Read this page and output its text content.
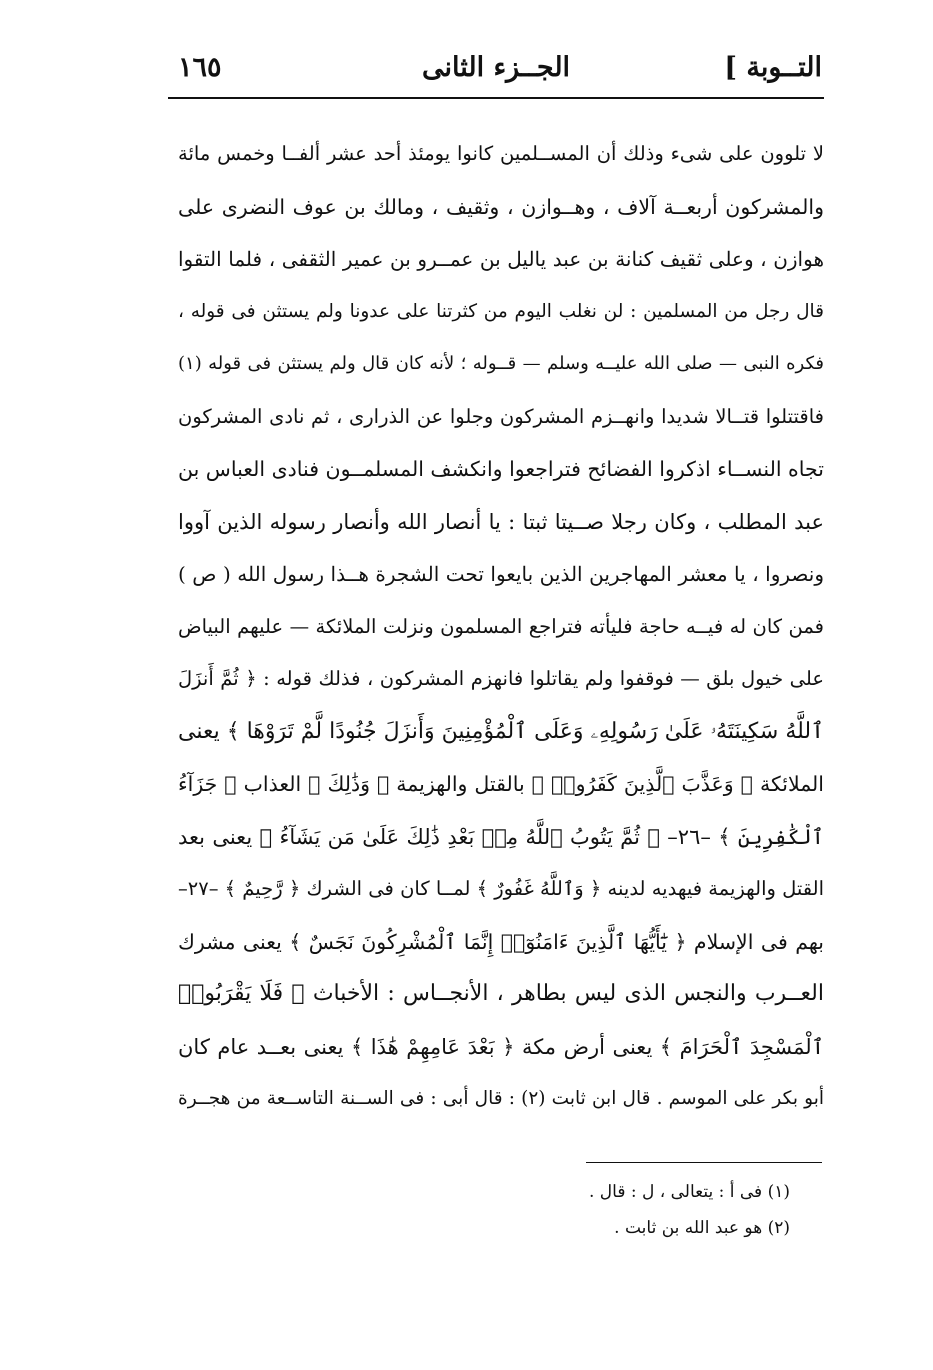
التــوبة ]
الجــزء الثانى
١٦٥
لا تلوون على شىء وذلك أن المســلمين كانوا يومئذ أحد عشر ألفــا وخمس مائة
والمشركون أربعــة آلاف ، وهــوازن ، وثقيف ، ومالك بن عوف النضرى على
هوازن ، وعلى ثقيف كنانة بن عبد ياليل بن عمــرو بن عمير الثقفى ، فلما التقوا
قال رجل من المسلمين : لن نغلب اليوم من كثرتنا على عدونا ولم يستثن فى قوله ،
فكره النبى — صلى الله عليــه وسلم — قــوله ؛ لأنه كان قال ولم يستثن فى قوله (١)
فاقتتلوا قتــالا شديدا وانهــزم المشركون وجلوا عن الذرارى ، ثم نادى المشركون
تجاه النســاء اذكروا الفضائح فتراجعوا وانكشف المسلمــون فنادى العباس بن
عبد المطلب ، وكان رجلا صــيتا ثبتا : يا أنصار الله وأنصار رسوله الذين آووا
ونصروا ، يا معشر المهاجرين الذين بايعوا تحت الشجرة هــذا رسول الله ( ص )
فمن كان له فيــه حاجة فليأته فتراجع المسلمون ونزلت الملائكة — عليهم البياض
على خيول بلق — فوقفوا ولم يقاتلوا فانهزم المشركون ، فذلك قوله : ﴿ ثُمَّ أَنزَلَ
ٱللَّهُ سَكِينَتَهُۥ عَلَىٰ رَسُولِهِۦ وَعَلَى ٱلْمُؤْمِنِينَ وَأَنزَلَ جُنُودًا لَّمْ تَرَوْهَا ﴾ يعنى
الملائكة ﴿ وَعَذَّبَ ٱلَّذِينَ كَفَرُوا۟ ﴾ بالقتل والهزيمة ﴿ وَذَٰلِكَ ﴾ العذاب ﴿ جَزَآءُ
ٱلْكَٰفِرِينَ ﴾ –٢٦– ﴿ ثُمَّ يَتُوبُ ٱللَّهُ مِنۢ بَعْدِ ذَٰلِكَ عَلَىٰ مَن يَشَآءُ ﴾ يعنى بعد
القتل والهزيمة فيهديه لدينه ﴿ وَٱللَّهُ غَفُورٌ ﴾ لمــا كان فى الشرك ﴿ رَّحِيمٌ ﴾ –٢٧–
بهم فى الإسلام ﴿ يَٰٓأَيُّهَا ٱلَّذِينَ ءَامَنُوٓا۟ إِنَّمَا ٱلْمُشْرِكُونَ نَجَسٌ ﴾ يعنى مشرك
العــرب والنجس الذى ليس بطاهر ، الأنجــاس : الأخباث ﴿ فَلَا يَقْرَبُوا۟
ٱلْمَسْجِدَ ٱلْحَرَامَ ﴾ يعنى أرض مكة ﴿ بَعْدَ عَامِهِمْ هَٰذَا ﴾ يعنى بعــد عام كان
أبو بكر على الموسم . قال ابن ثابت (٢) : قال أبى : فى الســنة التاســعة من هجــرة
(١) فى أ : يتعالى ، ل : قال .
(٢) هو عبد الله بن ثابت .
